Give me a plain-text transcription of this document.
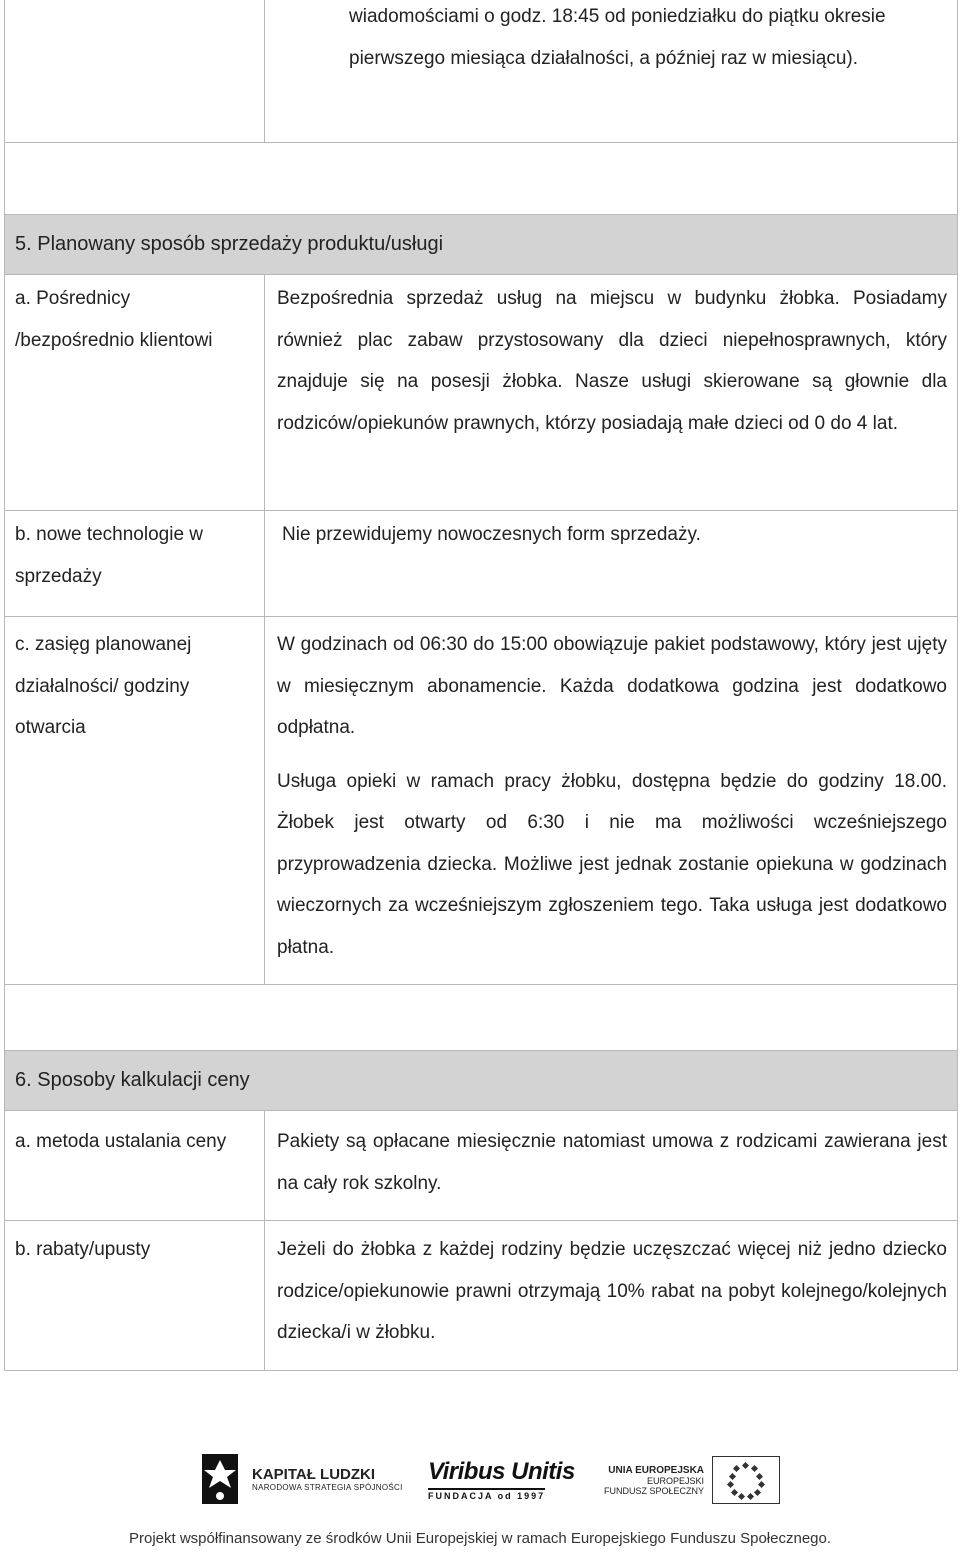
wiadomościami o godz. 18:45 od poniedziałku do piątku okresie pierwszego miesiąca działalności, a później raz w miesiącu).
5. Planowany sposób sprzedaży produktu/usługi
a. Pośrednicy /bezpośrednio klientowi
Bezpośrednia sprzedaż usług na miejscu w budynku żłobka. Posiadamy również plac zabaw przystosowany dla dzieci niepełnosprawnych, który znajduje się na posesji żłobka. Nasze usługi skierowane są głownie dla rodziców/opiekunów prawnych, którzy posiadają małe dzieci od 0 do 4 lat.
b. nowe technologie w sprzedaży
Nie przewidujemy nowoczesnych form sprzedaży.
c. zasięg planowanej działalności/ godziny otwarcia
W godzinach od 06:30 do 15:00 obowiązuje pakiet podstawowy, który jest ujęty w miesięcznym abonamencie. Każda dodatkowa godzina jest dodatkowo odpłatna.
Usługa opieki w ramach pracy żłobku, dostępna będzie do godziny 18.00. Żłobek jest otwarty od 6:30 i nie ma możliwości wcześniejszego przyprowadzenia dziecka. Możliwe jest jednak zostanie opiekuna w godzinach wieczornych za wcześniejszym zgłoszeniem tego. Taka usługa jest dodatkowo płatna.
6. Sposoby kalkulacji ceny
a. metoda ustalania ceny	Pakiety są opłacane miesięcznie natomiast umowa z rodzicami zawierana jest na cały rok szkolny.
b. rabaty/upusty	Jeżeli do żłobka z każdej rodziny będzie uczęszczać więcej niż jedno dziecko rodzice/opiekunowie prawni otrzymają 10% rabat na pobyt kolejnego/kolejnych dziecka/i w żłobku.
KAPITAŁ LUDZKI
NARODOWA STRATEGIA SPÓJNOŚCI
Viribus Unitis
FUNDACJA od 1997
UNIA EUROPEJSKA
EUROPEJSKI
FUNDUSZ SPOŁECZNY
Projekt współfinansowany ze środków Unii Europejskiej w ramach Europejskiego Funduszu Społecznego.
